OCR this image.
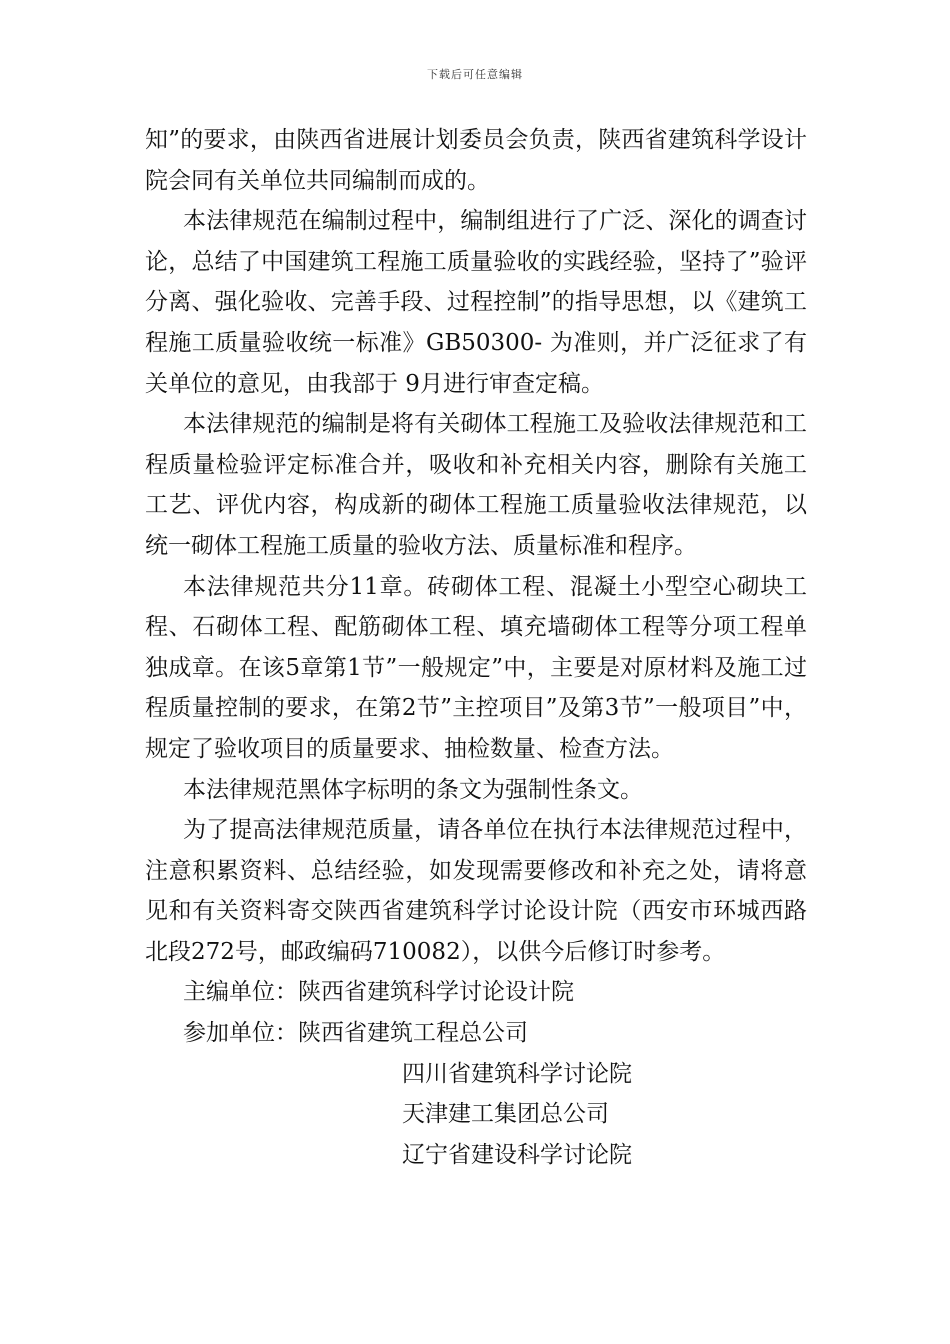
下载后可任意编辑

知”的要求，由陕西省进展计划委员会负责，陕西省建筑科学设计院会同有关单位共同编制而成的。

本法律规范在编制过程中，编制组进行了广泛、深化的调查讨论，总结了中国建筑工程施工质量验收的实践经验，坚持了”验评分离、强化验收、完善手段、过程控制”的指导思想，以《建筑工程施工质量验收统一标准》GB50300- 为准则，并广泛征求了有关单位的意见，由我部于 9月进行审查定稿。

本法律规范的编制是将有关砌体工程施工及验收法律规范和工程质量检验评定标准合并，吸收和补充相关内容，删除有关施工工艺、评优内容，构成新的砌体工程施工质量验收法律规范，以统一砌体工程施工质量的验收方法、质量标准和程序。

本法律规范共分11章。砖砌体工程、混凝土小型空心砌块工程、石砌体工程、配筋砌体工程、填充墙砌体工程等分项工程单独成章。在该5章第1节”一般规定”中，主要是对原材料及施工过程质量控制的要求，在第2节”主控项目”及第3节”一般项目”中，规定了验收项目的质量要求、抽检数量、检查方法。

本法律规范黑体字标明的条文为强制性条文。

为了提高法律规范质量，请各单位在执行本法律规范过程中，注意积累资料、总结经验，如发现需要修改和补充之处，请将意见和有关资料寄交陕西省建筑科学讨论设计院（西安市环城西路北段272号，邮政编码710082），以供今后修订时参考。

主编单位：陕西省建筑科学讨论设计院

参加单位：陕西省建筑工程总公司

四川省建筑科学讨论院

天津建工集团总公司

辽宁省建设科学讨论院
